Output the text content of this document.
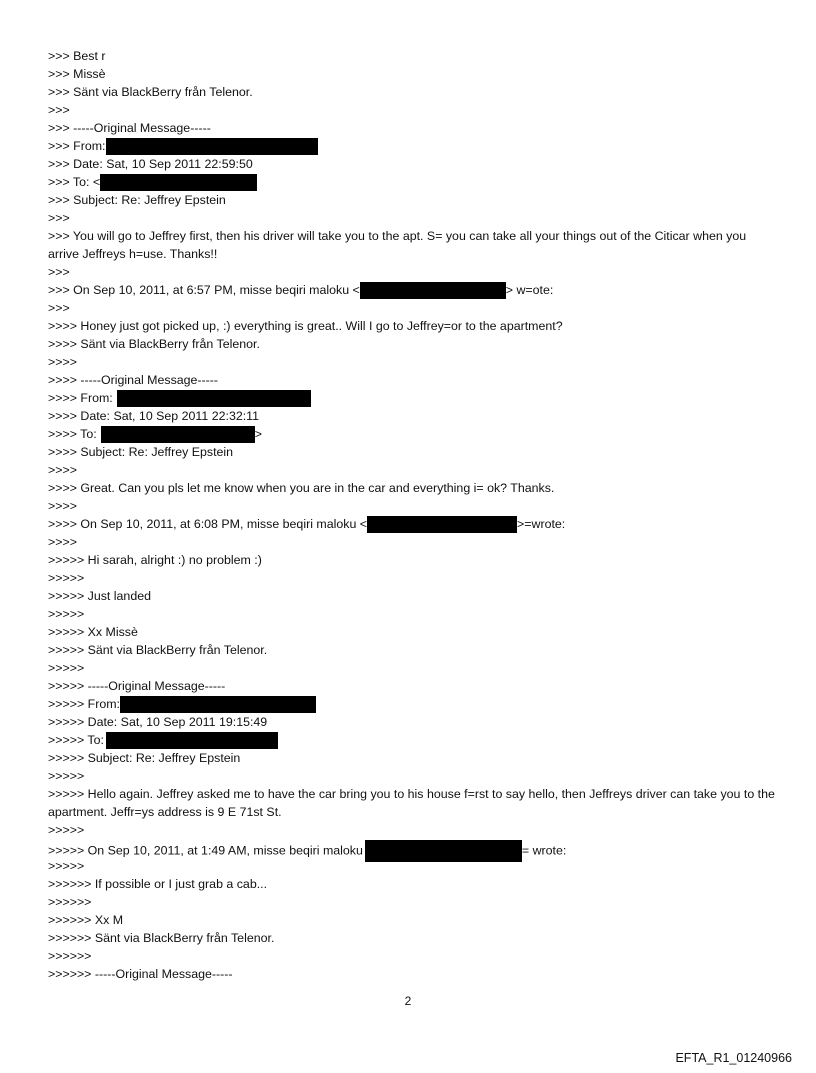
>>> Best r
>>> Missè
>>> Sänt via BlackBerry från Telenor.
>>>
>>> -----Original Message-----
>>> From:
>>> Date: Sat, 10 Sep 2011 22:59:50
>>> To: <
>>> Subject: Re: Jeffrey Epstein
>>>
>>> You will go to Jeffrey first, then his driver will take you to the apt. S= you can take all your things out of the Citicar when you arrive Jeffreys h=use. Thanks!!
>>>
>>> On Sep 10, 2011, at 6:57 PM, misse beqiri maloku <	> w=ote:
>>>
>>>> Honey just got picked up, :) everything is great.. Will I go to Jeffrey=or to the apartment?
>>>> Sänt via BlackBerry från Telenor.
>>>>
>>>> -----Original Message-----
>>>> From:
>>>> Date: Sat, 10 Sep 2011 22:32:11
>>>> To:	>
>>>> Subject: Re: Jeffrey Epstein
>>>>
>>>> Great. Can you pls let me know when you are in the car and everything i= ok? Thanks.
>>>>
>>>> On Sep 10, 2011, at 6:08 PM, misse beqiri maloku <	>=wrote:
>>>>
>>>>> Hi sarah, alright :) no problem :)
>>>>>
>>>>> Just landed
>>>>>
>>>>> Xx Missè
>>>>> Sänt via BlackBerry från Telenor.
>>>>>
>>>>> -----Original Message-----
>>>>> From:
>>>>> Date: Sat, 10 Sep 2011 19:15:49
>>>>> To:
>>>>> Subject: Re: Jeffrey Epstein
>>>>>
>>>>> Hello again. Jeffrey asked me to have the car bring you to his house f=rst to say hello, then Jeffreys driver can take you to the apartment. Jeffr=ys address is 9 E 71st St.
>>>>>
>>>>> On Sep 10, 2011, at 1:49 AM, misse beqiri maloku	= wrote:
>>>>>
>>>>>> If possible or I just grab a cab...
>>>>>>
>>>>>> Xx M
>>>>>> Sänt via BlackBerry från Telenor.
>>>>>>
>>>>>> -----Original Message-----
2
EFTA_R1_01240966
